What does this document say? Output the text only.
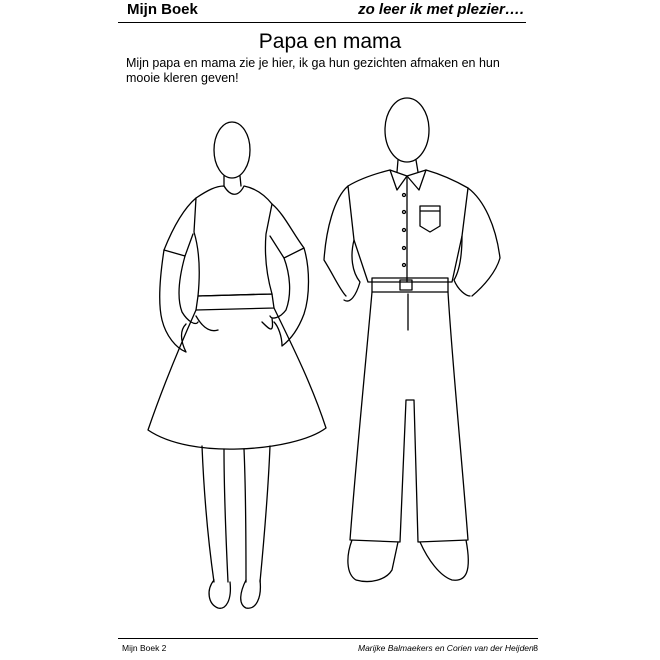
Mijn Boek	zo leer ik met plezier….
Papa en mama
Mijn papa en mama zie je hier, ik ga hun gezichten afmaken en hun mooie kleren geven!
Mijn Boek 2	Marijke Balmaekers en Corien van der Heijden 8
